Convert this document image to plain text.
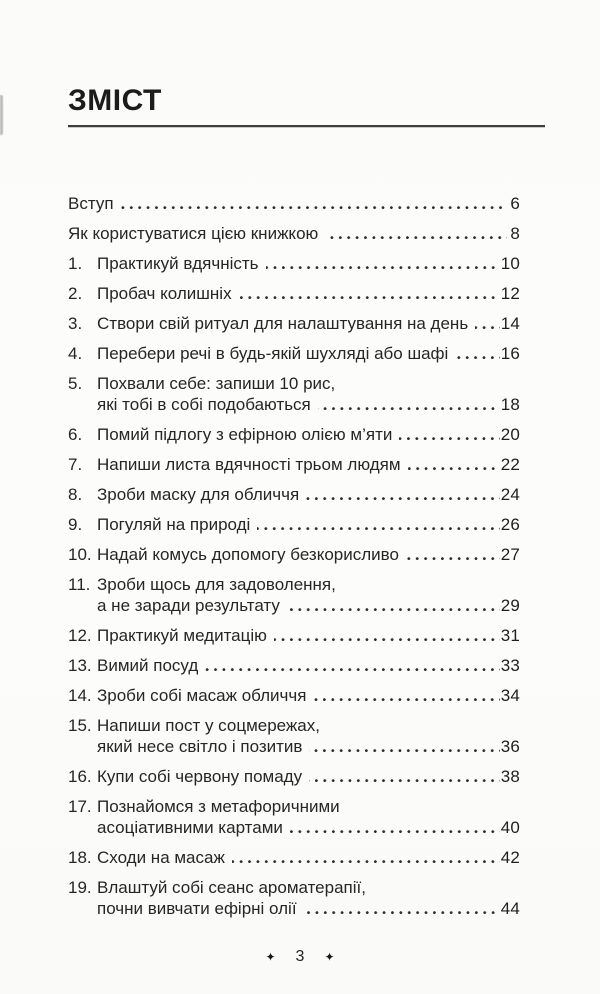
ЗМІСТ
Вступ	6
Як користуватися цією книжкою	8
1. Практикуй вдячність	10
2. Пробач колишніх	12
3. Створи свій ритуал для налаштування на день 14
4. Перебери речі в будь-якій шухляді або шафі	16
5. Похвали себе: запиши 10 рис,
які тобі в собі подобаються	18
6. Помий підлогу з ефірною олією м’яти	20
7. Напиши листа вдячності трьом людям	22
8. Зроби маску для обличчя	24
9. Погуляй на природі	26
10. Надай комусь допомогу безкорисливо	27
11. Зроби щось для задоволення,
а не заради результату	29
12. Практикуй медитацію	31
13. Вимий посуд	33
14. Зроби собі масаж обличчя	34
15. Напиши пост у соцмережах,
який несе світло і позитив	36
16. Купи собі червону помаду	38
17. Познайомся з метафоричними
асоціативними картами	40
18. Сходи на масаж	42
19. Влаштуй собі сеанс ароматерапії,
почни вивчати ефірні олії	44
✦ 3 ✦
